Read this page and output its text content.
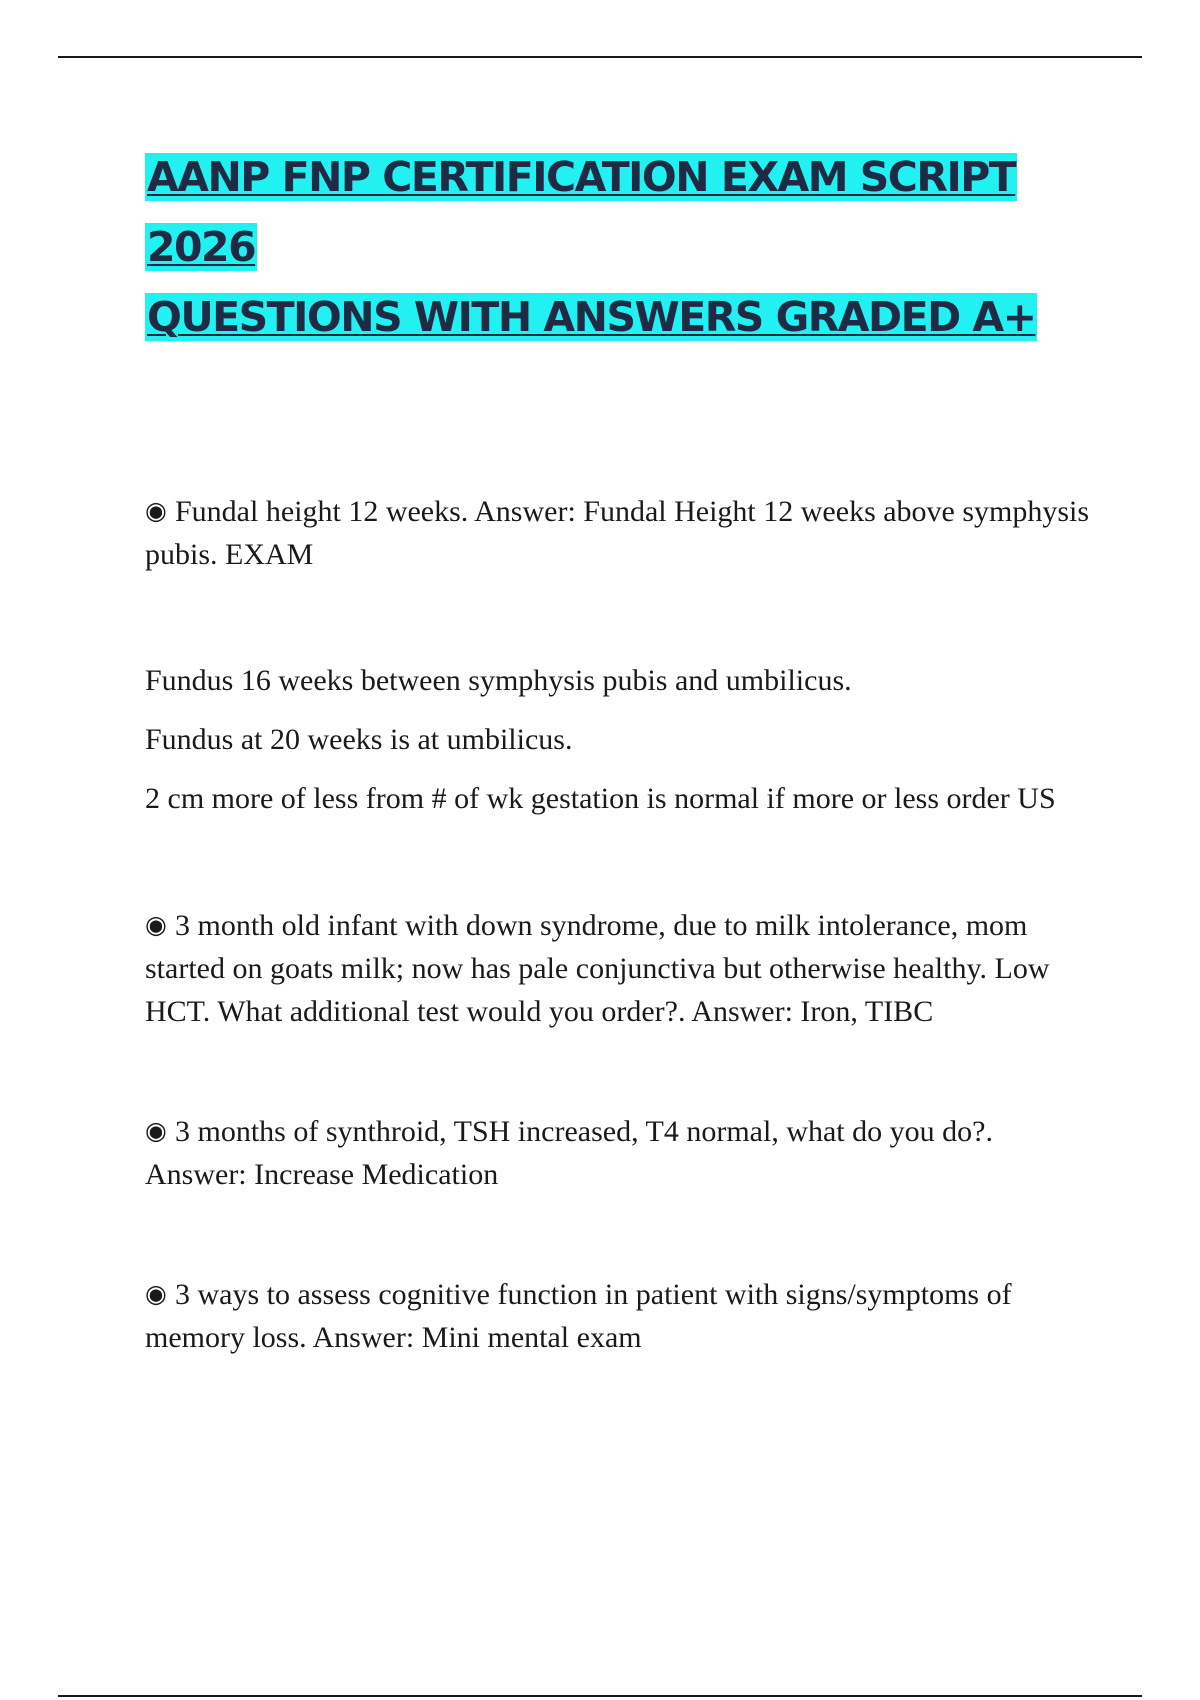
AANP FNP CERTIFICATION EXAM SCRIPT 2026
QUESTIONS WITH ANSWERS GRADED A+

◉ Fundal height 12 weeks. Answer: Fundal Height 12 weeks above symphysis pubis. EXAM

Fundus 16 weeks between symphysis pubis and umbilicus.

Fundus at 20 weeks is at umbilicus.

2 cm more of less from # of wk gestation is normal if more or less order US

◉ 3 month old infant with down syndrome, due to milk intolerance, mom started on goats milk; now has pale conjunctiva but otherwise healthy. Low HCT. What additional test would you order?. Answer: Iron, TIBC

◉ 3 months of synthroid, TSH increased, T4 normal, what do you do?. Answer: Increase Medication

◉ 3 ways to assess cognitive function in patient with signs/symptoms of memory loss. Answer: Mini mental exam
